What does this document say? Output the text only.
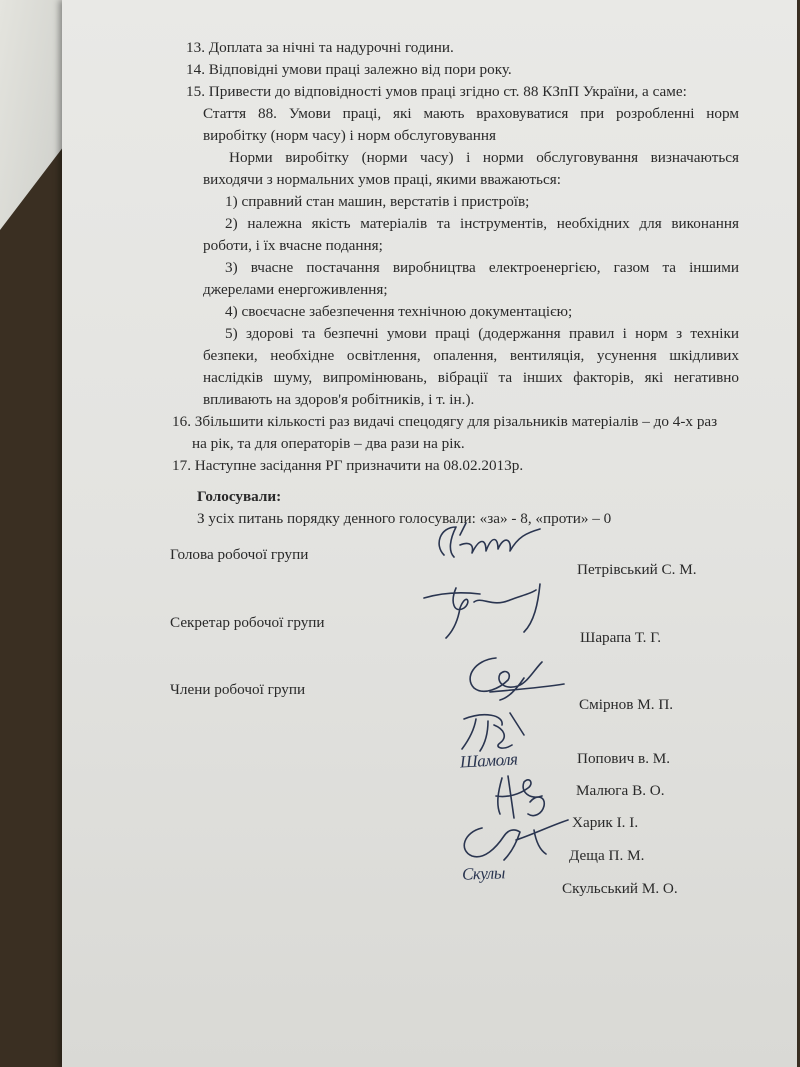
13. Доплата за нічні та надурочні години.
14. Відповідні умови праці залежно від пори року.
15. Привести до відповідності умов праці згідно ст. 88 КЗпП України, а саме:
Стаття 88. Умови праці, які мають враховуватися при розробленні норм
виробітку (норм часу) і норм обслуговування
Норми виробітку (норми часу) і норми обслуговування визначаються
виходячи з нормальних умов праці, якими вважаються:
1) справний стан машин, верстатів і пристроїв;
2) належна якість матеріалів та інструментів, необхідних для виконання
роботи, і їх вчасне подання;
3) вчасне постачання виробництва електроенергією, газом та іншими
джерелами енергоживлення;
4) своєчасне забезпечення технічною документацією;
5) здорові та безпечні умови праці (додержання правил і норм з техніки
безпеки, необхідне освітлення, опалення, вентиляція, усунення шкідливих
наслідків шуму, випромінювань, вібрації та інших факторів, які негативно
впливають на здоров'я робітників, і т. ін.).
16. Збільшити кількості раз видачі спецодягу для різальників матеріалів – до 4-х раз
на рік, та для операторів – два рази на рік.
17. Наступне засідання РГ призначити на 08.02.2013р.
Голосували:
З усіх питань порядку денного голосували: «за» - 8, «проти» – 0
Голова робочої групи
Петрівський С. М.
Секретар робочої групи
Шарапа Т. Г.
Члени робочої групи
Смірнов М. П.
Попович в. М.
Малюга В. О.
Харик І. І.
Деща П. М.
Скульський М. О.
Шамоля
Скулы
